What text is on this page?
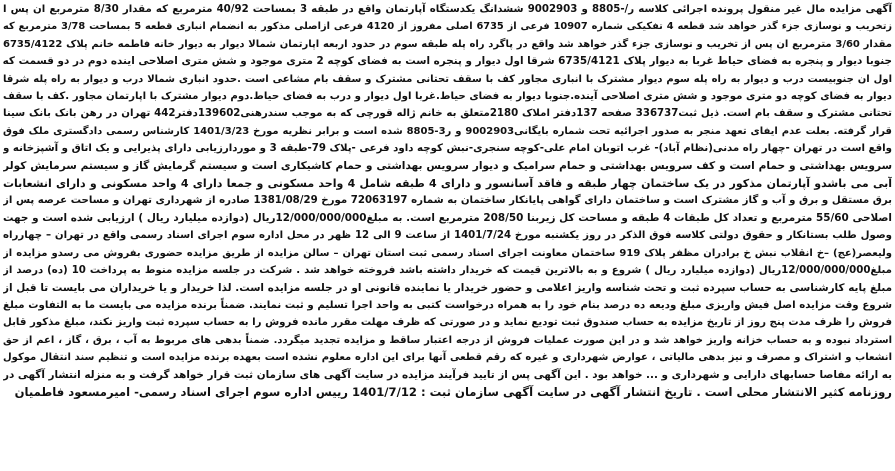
آگهی مزایده مال غیر منقول پرونده اجرائی کلاسه ر/-8805 و 9002903 ششدانگ یکدستگاه آپارتمان واقع در طبقه 3 بمساحت 40/92 مترمربع که مقدار 8/30 مترمربع ان پس ا
زتخریب و نوسازی جزء گذر خواهد شد قطعه 4 تفکیکی شماره 10907 فرعی از 6735 اصلی مفروز از 4120 فرعی ازاصلی مذکور به انضمام انباری قطعه 5 بمساحت 3/78 مترمربع که
مقدار 3/60 مترمربع ان پس از تخریب و نوسازی جزء گذر خواهد شد واقع در پاگرد راه پله طبقه سوم در حدود اربعه اپارتمان شمالا دیوار به دیوار خانه فاطمه خانم پلاک 6735/4122
جنوبا دیوار و پنجره به فضای حیاط غربا به دیوار پلاک 6735/4121 شرقا اول دیوار و پنجره است به فضای کوچه 2 متری موجود و شش متری اصلاحی اینده دوم در دو قسمت که
اول ان جنوبیست درب و دیوار به راه پله سوم دیوار مشترک با انباری مجاور کف با سقف تحتانی مشترک و سقف بام مشاعی است .حدود انباری شمالا درب و دیوار به راه پله شرقا
دیوار به فضای کوچه دو متری موجود و شش متری اصلاحی آینده.جنوبا دیوار به فضای حیاط.غربا اول دیوار و درب به فضای حیاط.دوم دیوار مشترک با اپارتمان مجاور .کف با سقف
تحتانی مشترک و سقف بام است. ذیل ثبت336737 صفحه 137دفتر املاک 2180متعلق به خانم ژاله قورچی که به موجب سندرهنی139602دفتر442 تهران در رهن بانک بانک سینا
قرار گرفته. بعلت عدم ایفای تعهد منجر به صدور اجرائیه تحت شماره بایگانی9002903 و ر3-8805 شده است و برابر نظریه مورخ 1401/3/23 کارشناس رسمی دادگستری ملک فوق
واقع است در تهران -چهار راه مدنی(نظام آباد)- غرب اتوبان امام علی-کوچه سنجری-نبش کوچه داود فرعی -پلاک 79-طبقه 3 و موردارزیابی دارای پذیرایی و یک اتاق و آشپزخانه و
سرویس بهداشتی و حمام است و کف سرویس بهداشتی و حمام سرامیک و دیوار سرویس بهداشتی و حمام کاشیکاری است و سیستم گرمایش گاز و سیستم سرمایش کولر
آبی می باشدو آپارتمان مذکور در یک ساختمان چهار طبقه و فاقد آسانسور و دارای 4 طبقه شامل 4 واحد مسکونی و جمعا دارای 4 واحد مسکونی و دارای انشعابات
برق مستقل و برق و آب و گاز مشترک است و ساختمان دارای گواهی پایانکار ساختمان به شماره 72063197 مورخ 1381/08/29 صادره از شهرداری تهران و مساحت عرصه پس از
اصلاحی 55/60 مترمربع و تعداد کل طبقات 4 طبقه و مساحت کل زیربنا 208/50 مترمربع است. به مبلغ12/000/000/000ریال (دوازده میلیارد ریال ) ارزیابی شده است و جهت
وصول طلب بستانکار و حقوق دولتی کلاسه فوق الذکر در روز یکشنبه مورخ 1401/7/24 از ساعت 9 الی 12 ظهر در محل اداره سوم اجرای اسناد رسمی واقع در تهران – چهارراه
ولیعصر(عج) –خ انقلاب نبش خ برادران مظفر پلاک 919 ساختمان معاونت اجرای اسناد رسمی ثبت استان تهران – سالن مزایده از طریق مزایده حضوری بفروش می رسدو مزایده از
مبلغ12/000/000/000ریال (دوازده میلیارد ریال ) شروع و به بالاترین قیمت که خریدار داشته باشد فروخته خواهد شد . شرکت در جلسه مزایده منوط به پرداخت 10 (ده) درصد از
مبلغ پایه کارشناسی به حساب سپرده ثبت و تحت شناسه واریز اعلامی و حضور خریدار یا نماینده قانونی او در جلسه مزایده است. لذا خریدار و یا خریداران می بایست تا قبل از
شروع وقت مزایده اصل فیش واریزی مبلغ ودیعه ده درصد بنام خود را به همراه درخواست کتبی به واحد اجرا تسلیم و ثبت نمایند. ضمناً برنده مزایده می بایست ما به التفاوت مبلغ
فروش را ظرف مدت پنج روز از تاریخ مزایده به حساب صندوق ثبت تودیع نماید و در صورتی که ظرف مهلت مقرر مانده فروش را به حساب سپرده ثبت واریز نکند، مبلغ مذکور قابل
استرداد نبوده و به حساب خزانه واریز خواهد شد و در این صورت عملیات فروش از درجه اعتبار ساقط و مزایده تجدید میگردد. ضمناً بدهی های مربوط به آب ، برق ، گاز ، اعم از حق
انشعاب و اشتراک و مصرف و نیز بدهی مالیاتی ، عوارض شهرداری و غیره که رقم قطعی آنها برای این اداره معلوم نشده است بعهده برنده مزایده است و تنظیم سند انتقال موکول
به ارائه مفاصا حسابهای دارایی و شهرداری و ... خواهد بود . این آگهی پس از تایید فرآیند مزایده در سایت آگهی های سازمان ثبت قرار خواهد گرفت و به منزله انتشار آگهی در
روزنامه کثیر الانتشار محلی است . تاریخ انتشار آگهی در سایت آگهی سازمان ثبت : 1401/7/12 رییس اداره سوم اجرای اسناد رسمی- امیرمسعود فاطمیان
